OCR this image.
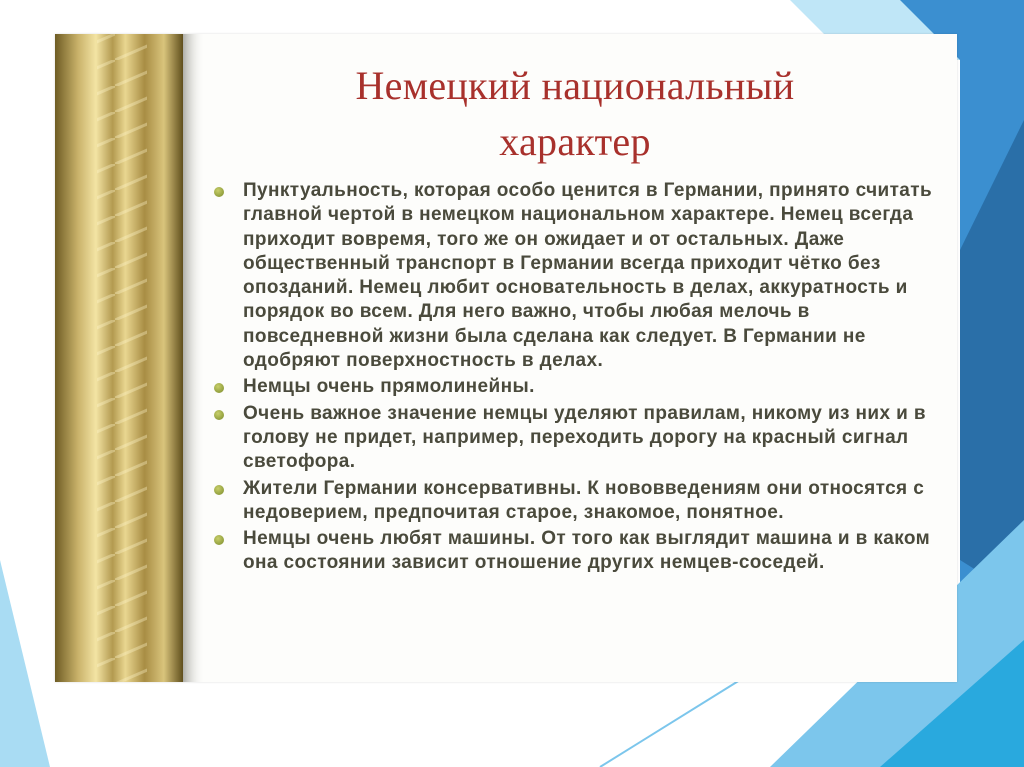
Немецкий национальный
характер
Пунктуальность, которая особо ценится в Германии, принято считать главной чертой в немецком национальном характере. Немец всегда приходит вовремя, того же он ожидает и от остальных. Даже общественный транспорт в Германии всегда приходит чётко без опозданий. Немец любит основательность в делах, аккуратность и порядок во всем. Для него важно, чтобы любая мелочь в повседневной жизни была сделана как следует. В Германии не одобряют поверхностность в делах.
Немцы очень прямолинейны.
Очень важное значение немцы уделяют правилам, никому из них и в голову не придет, например, переходить дорогу на красный сигнал светофора.
Жители Германии консервативны. К нововведениям они относятся с недоверием, предпочитая старое, знакомое, понятное.
Немцы очень любят машины. От того как выглядит машина и в каком она состоянии зависит отношение других немцев-соседей.
